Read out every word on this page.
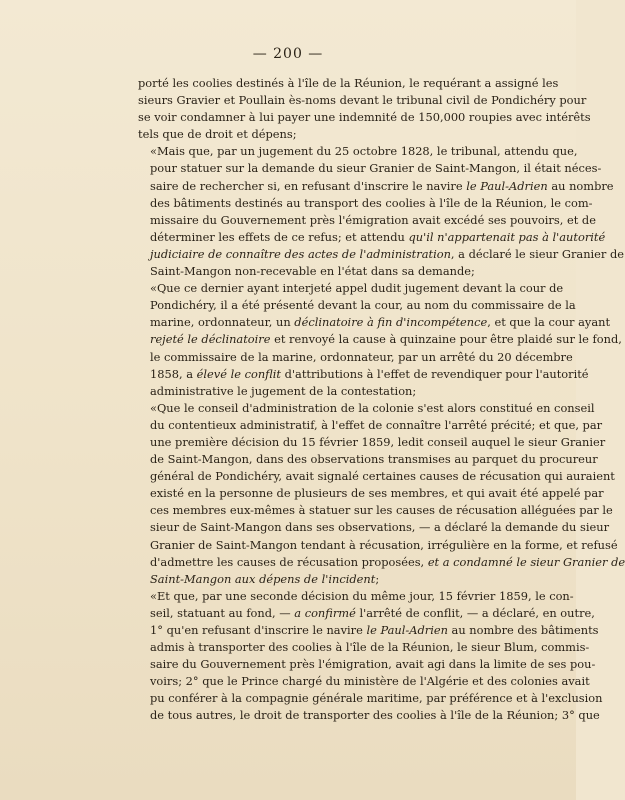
— 200 —

porté les coolies destinés à l'île de la Réunion, le requérant a assigné les
sieurs Gravier et Poullain ès-noms devant le tribunal civil de Pondichéry pour
se voir condamner à lui payer une indemnité de 150,000 roupies avec intérêts
tels que de droit et dépens;

«Mais que, par un jugement du 25 octobre 1828, le tribunal, attendu que,
pour statuer sur la demande du sieur Granier de Saint-Mangon, il était néces-
saire de rechercher si, en refusant d'inscrire le navire le Paul-Adrien au nombre
des bâtiments destinés au transport des coolies à l'île de la Réunion, le com-
missaire du Gouvernement près l'émigration avait excédé ses pouvoirs, et de
déterminer les effets de ce refus; et attendu qu'il n'appartenait pas à l'autorité
judiciaire de connaître des actes de l'administration, a déclaré le sieur Granier de
Saint-Mangon non-recevable en l'état dans sa demande;

«Que ce dernier ayant interjeté appel dudit jugement devant la cour de
Pondichéry, il a été présenté devant la cour, au nom du commissaire de la
marine, ordonnateur, un déclinatoire à fin d'incompétence, et que la cour ayant
rejeté le déclinatoire et renvoyé la cause à quinzaine pour être plaidé sur le fond,
le commissaire de la marine, ordonnateur, par un arrêté du 20 décembre
1858, a élevé le conflit d'attributions à l'effet de revendiquer pour l'autorité
administrative le jugement de la contestation;

«Que le conseil d'administration de la colonie s'est alors constitué en conseil
du contentieux administratif, à l'effet de connaître l'arrêté précité; et que, par
une première décision du 15 février 1859, ledit conseil auquel le sieur Granier
de Saint-Mangon, dans des observations transmises au parquet du procureur
général de Pondichéry, avait signalé certaines causes de récusation qui auraient
existé en la personne de plusieurs de ses membres, et qui avait été appelé par
ces membres eux-mêmes à statuer sur les causes de récusation alléguées par le
sieur de Saint-Mangon dans ses observations, — a déclaré la demande du sieur
Granier de Saint-Mangon tendant à récusation, irrégulière en la forme, et refusé
d'admettre les causes de récusation proposées, et a condamné le sieur Granier de
Saint-Mangon aux dépens de l'incident;

«Et que, par une seconde décision du même jour, 15 février 1859, le con-
seil, statuant au fond, — a confirmé l'arrêté de conflit, — a déclaré, en outre,
1° qu'en refusant d'inscrire le navire le Paul-Adrien au nombre des bâtiments
admis à transporter des coolies à l'île de la Réunion, le sieur Blum, commis-
saire du Gouvernement près l'émigration, avait agi dans la limite de ses pou-
voirs; 2° que le Prince chargé du ministère de l'Algérie et des colonies avait
pu conférer à la compagnie générale maritime, par préférence et à l'exclusion
de tous autres, le droit de transporter des coolies à l'île de la Réunion; 3° que
